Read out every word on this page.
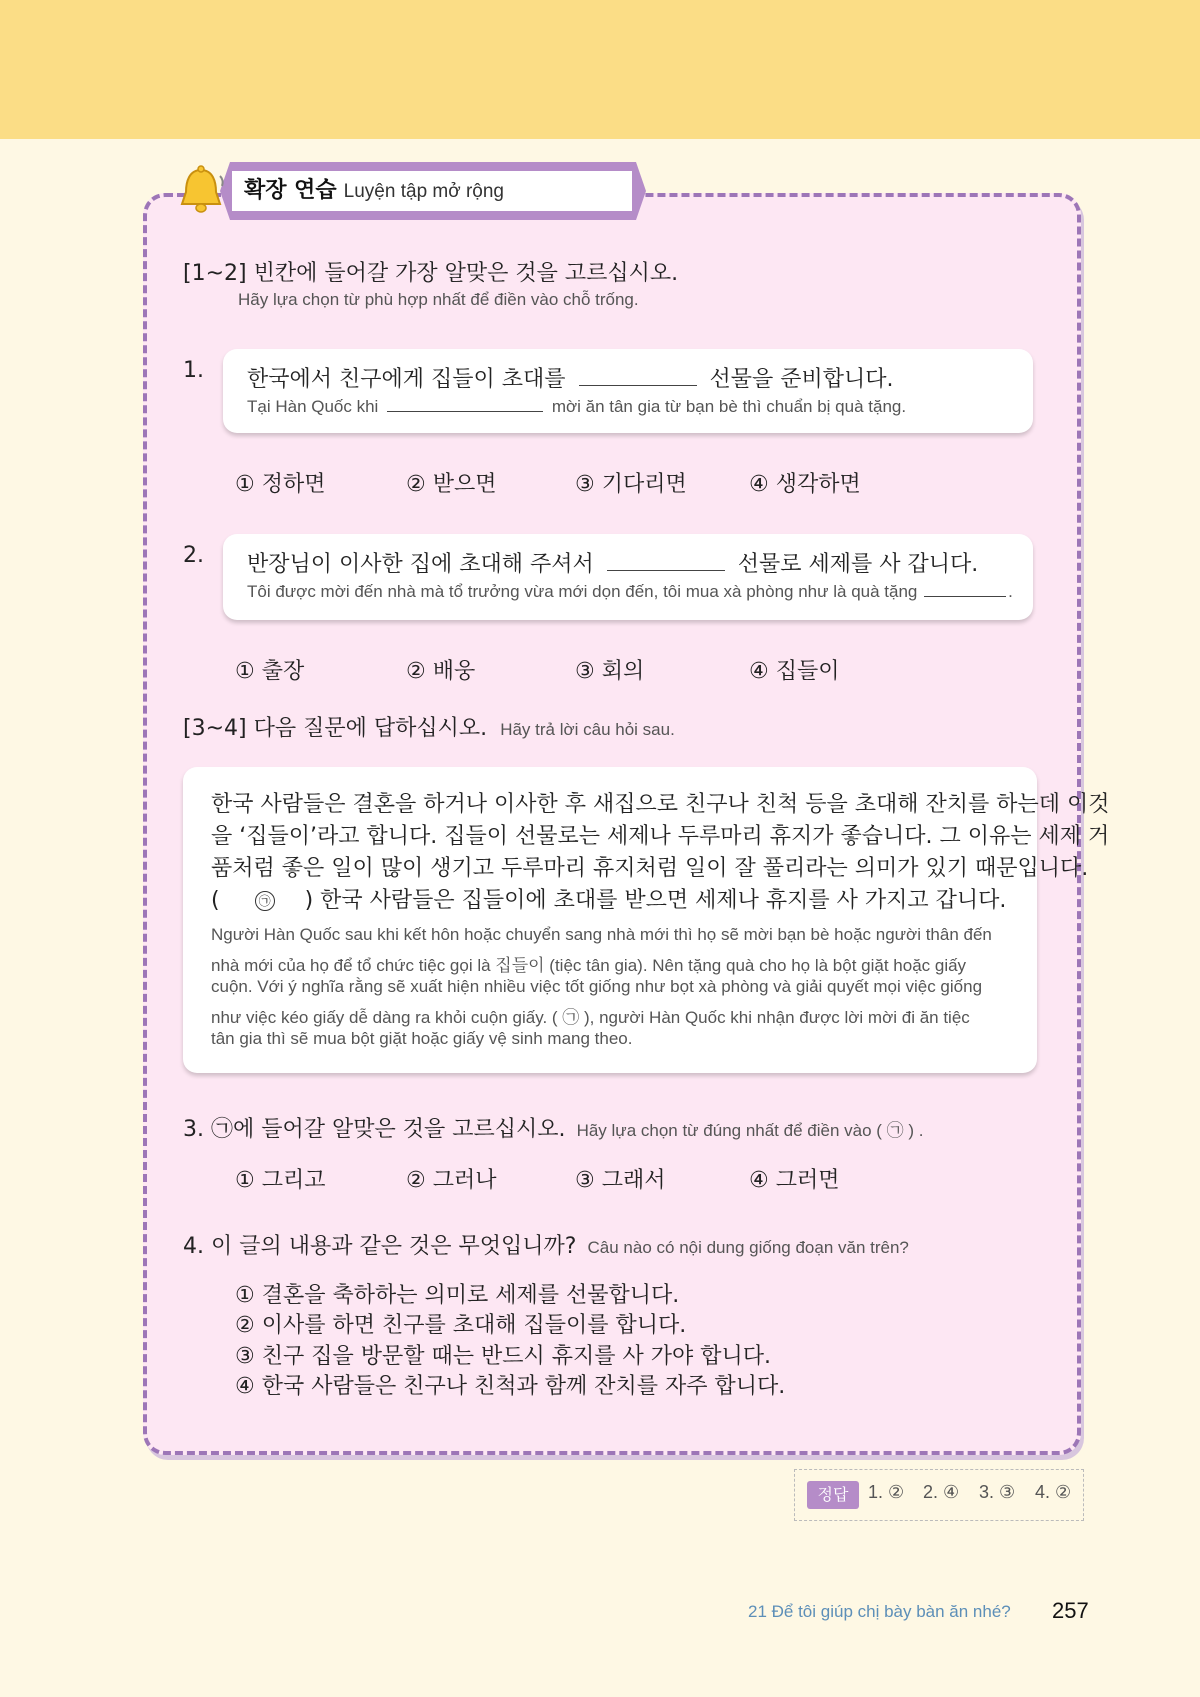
확장 연습 Luyện tập mở rộng
[1~2] 빈칸에 들어갈 가장 알맞은 것을 고르십시오.
Hãy lựa chọn từ phù hợp nhất để điền vào chỗ trống.
1. 한국에서 친구에게 집들이 초대를	선물을 준비합니다.
Tại Hàn Quốc khi	mời ăn tân gia từ bạn bè thì chuẩn bị quà tặng.
① 정하면	② 받으면	③ 기다리면	④ 생각하면
2. 반장님이 이사한 집에 초대해 주셔서	선물로 세제를 사 갑니다.
Tôi được mời đến nhà mà tổ trưởng vừa mới dọn đến, tôi mua xà phòng như là quà tặng	.
① 출장	② 배웅	③ 회의	④ 집들이
[3~4] 다음 질문에 답하십시오. Hãy trả lời câu hỏi sau.
한국 사람들은 결혼을 하거나 이사한 후 새집으로 친구나 친척 등을 초대해 잔치를 하는데 이것
을 ‘집들이’라고 합니다. 집들이 선물로는 세제나 두루마리 휴지가 좋습니다. 그 이유는 세제 거
품처럼 좋은 일이 많이 생기고 두루마리 휴지처럼 일이 잘 풀리라는 의미가 있기 때문입니다.
(	㉠ ) 한국 사람들은 집들이에 초대를 받으면 세제나 휴지를 사 가지고 갑니다.
Người Hàn Quốc sau khi kết hôn hoặc chuyển sang nhà mới thì họ sẽ mời bạn bè hoặc người thân đến
nhà mới của họ để tổ chức tiệc gọi là 집들이 (tiệc tân gia). Nên tặng quà cho họ là bột giặt hoặc giấy
cuộn. Với ý nghĩa rằng sẽ xuất hiện nhiều việc tốt giống như bọt xà phòng và giải quyết mọi việc giống
như việc kéo giấy dễ dàng ra khỏi cuộn giấy. ( ㉠ ), người Hàn Quốc khi nhận được lời mời đi ăn tiệc
tân gia thì sẽ mua bột giặt hoặc giấy vệ sinh mang theo.
3. ㉠에 들어갈 알맞은 것을 고르십시오. Hãy lựa chọn từ đúng nhất để điền vào ( ㉠ ) .
① 그리고	② 그러나	③ 그래서	④ 그러면
4. 이 글의 내용과 같은 것은 무엇입니까? Câu nào có nội dung giống đoạn văn trên?
① 결혼을 축하하는 의미로 세제를 선물합니다.
② 이사를 하면 친구를 초대해 집들이를 합니다.
③ 친구 집을 방문할 때는 반드시 휴지를 사 가야 합니다.
④ 한국 사람들은 친구나 친척과 함께 잔치를 자주 합니다.
정답	1. ② 2. ④ 3. ③ 4. ②
21 Để tôi giúp chị bày bàn ăn nhé? 257
